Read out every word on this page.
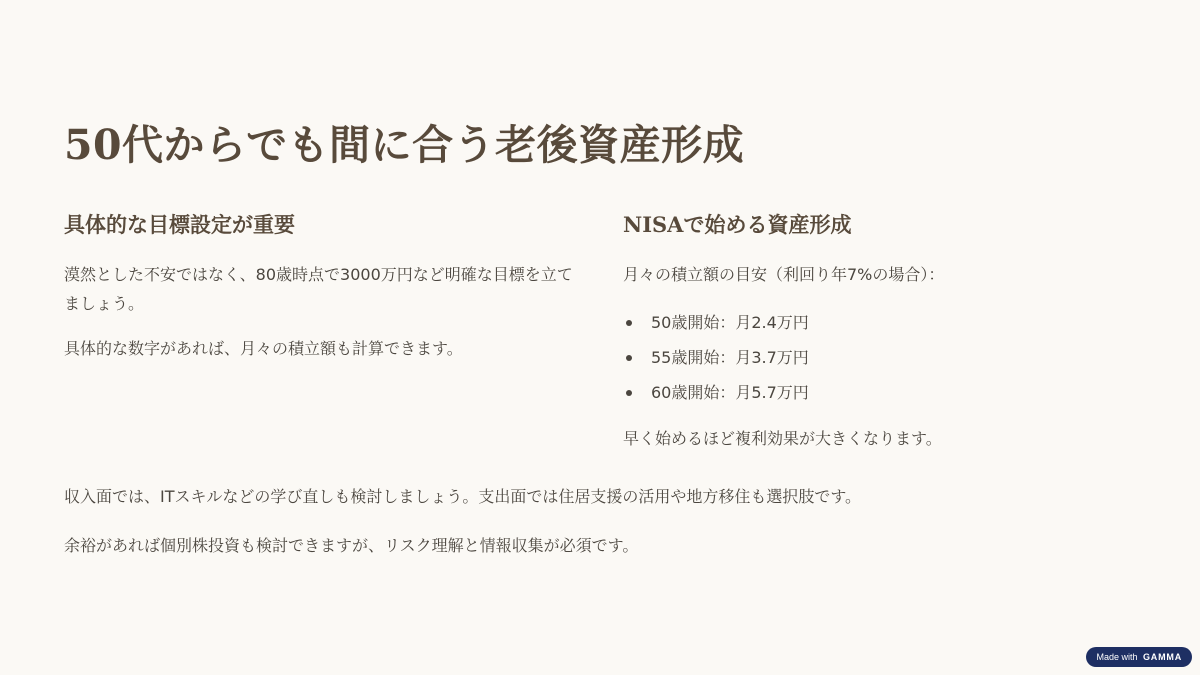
50代からでも間に合う老後資産形成
具体的な目標設定が重要

漠然とした不安ではなく、80歳時点で3000万円など明確な目標を立てましょう。

具体的な数字があれば、月々の積立額も計算できます。

NISAで始める資産形成

月々の積立額の目安（利回り年7%の場合）：

50歳開始：月2.4万円
55歳開始：月3.7万円
60歳開始：月5.7万円

早く始めるほど複利効果が大きくなります。

収入面では、ITスキルなどの学び直しも検討しましょう。支出面では住居支援の活用や地方移住も選択肢です。

余裕があれば個別株投資も検討できますが、リスク理解と情報収集が必須です。

Made with GAMMA
